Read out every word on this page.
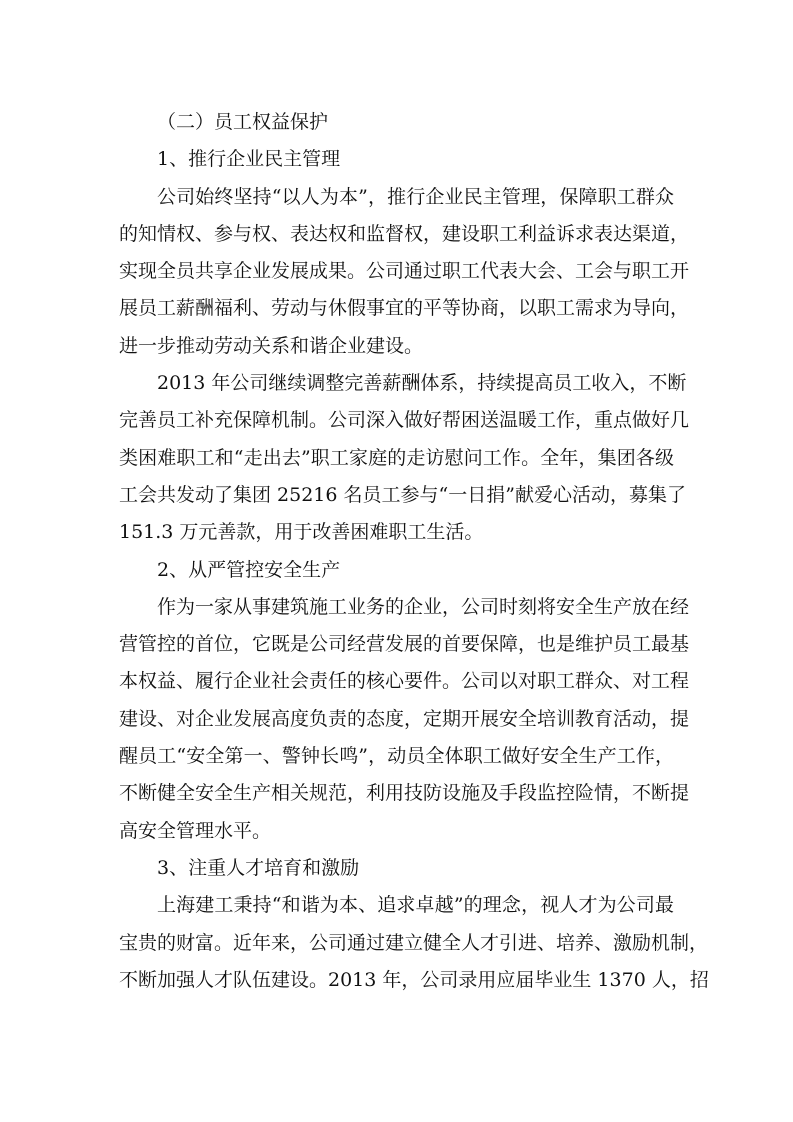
（二）员工权益保护
1、推行企业民主管理
公司始终坚持“以人为本”，推行企业民主管理，保障职工群众
的知情权、参与权、表达权和监督权，建设职工利益诉求表达渠道，
实现全员共享企业发展成果。公司通过职工代表大会、工会与职工开
展员工薪酬福利、劳动与休假事宜的平等协商，以职工需求为导向，
进一步推动劳动关系和谐企业建设。
2013 年公司继续调整完善薪酬体系，持续提高员工收入，不断
完善员工补充保障机制。公司深入做好帮困送温暖工作，重点做好几
类困难职工和“走出去”职工家庭的走访慰问工作。全年，集团各级
工会共发动了集团 25216 名员工参与“一日捐”献爱心活动，募集了
151.3 万元善款，用于改善困难职工生活。
2、从严管控安全生产
作为一家从事建筑施工业务的企业，公司时刻将安全生产放在经
营管控的首位，它既是公司经营发展的首要保障，也是维护员工最基
本权益、履行企业社会责任的核心要件。公司以对职工群众、对工程
建设、对企业发展高度负责的态度，定期开展安全培训教育活动，提
醒员工“安全第一、警钟长鸣”，动员全体职工做好安全生产工作，
不断健全安全生产相关规范，利用技防设施及手段监控险情，不断提
高安全管理水平。
3、注重人才培育和激励
上海建工秉持“和谐为本、追求卓越”的理念，视人才为公司最
宝贵的财富。近年来，公司通过建立健全人才引进、培养、激励机制，
不断加强人才队伍建设。2013 年，公司录用应届毕业生 1370 人，招
